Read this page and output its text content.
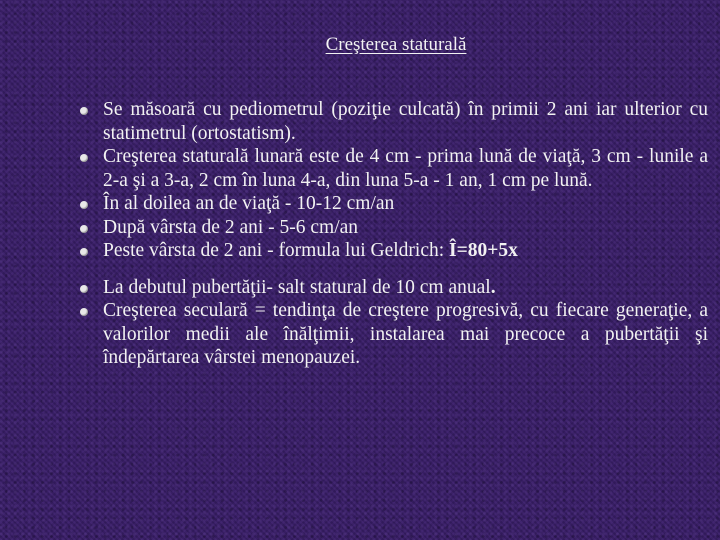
Creşterea staturală
Se măsoară cu pediometrul (poziţie culcată) în primii 2 ani iar ulterior cu statimetrul (ortostatism).
Creşterea staturală lunară este de 4 cm - prima lună de viaţă, 3 cm - lunile a 2-a şi a 3-a, 2 cm în luna 4-a, din luna 5-a - 1 an, 1 cm pe lună.
În al doilea an de viaţă - 10-12 cm/an
După vârsta de 2 ani - 5-6 cm/an
Peste vârsta de 2 ani - formula lui Geldrich: Î=80+5x
La debutul pubertăţii- salt statural de 10 cm anual.
Creşterea seculară = tendinţa de creştere progresivă, cu fiecare generaţie, a valorilor medii ale înălţimii, instalarea mai precoce a pubertăţii şi îndepărtarea vârstei menopauzei.
